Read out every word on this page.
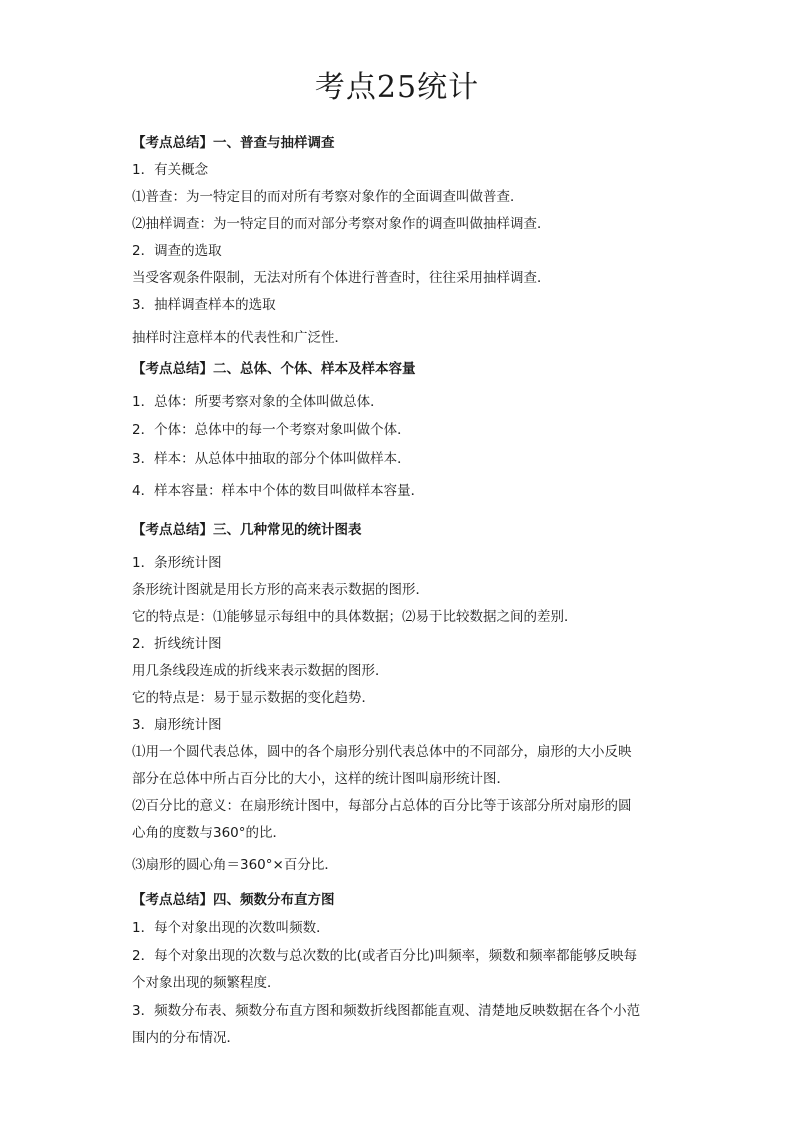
考点25统计
【考点总结】一、普查与抽样调查
1．有关概念
⑴普查：为一特定目的而对所有考察对象作的全面调查叫做普查．
⑵抽样调查：为一特定目的而对部分考察对象作的调查叫做抽样调查．
2．调查的选取
当受客观条件限制，无法对所有个体进行普查时，往往采用抽样调查．
3．抽样调查样本的选取
抽样时注意样本的代表性和广泛性．
【考点总结】二、总体、个体、样本及样本容量
1．总体：所要考察对象的全体叫做总体．
2．个体：总体中的每一个考察对象叫做个体．
3．样本：从总体中抽取的部分个体叫做样本．
4．样本容量：样本中个体的数目叫做样本容量．
【考点总结】三、几种常见的统计图表
1．条形统计图
条形统计图就是用长方形的高来表示数据的图形．
它的特点是：⑴能够显示每组中的具体数据；⑵易于比较数据之间的差别．
2．折线统计图
用几条线段连成的折线来表示数据的图形．
它的特点是：易于显示数据的变化趋势．
3．扇形统计图
⑴用一个圆代表总体，圆中的各个扇形分别代表总体中的不同部分，扇形的大小反映
部分在总体中所占百分比的大小，这样的统计图叫扇形统计图．
⑵百分比的意义：在扇形统计图中，每部分占总体的百分比等于该部分所对扇形的圆
心角的度数与360°的比．
⑶扇形的圆心角＝360°×百分比．
【考点总结】四、频数分布直方图
1．每个对象出现的次数叫频数．
2．每个对象出现的次数与总次数的比(或者百分比)叫频率，频数和频率都能够反映每
个对象出现的频繁程度．
3．频数分布表、频数分布直方图和频数折线图都能直观、清楚地反映数据在各个小范
围内的分布情况．
